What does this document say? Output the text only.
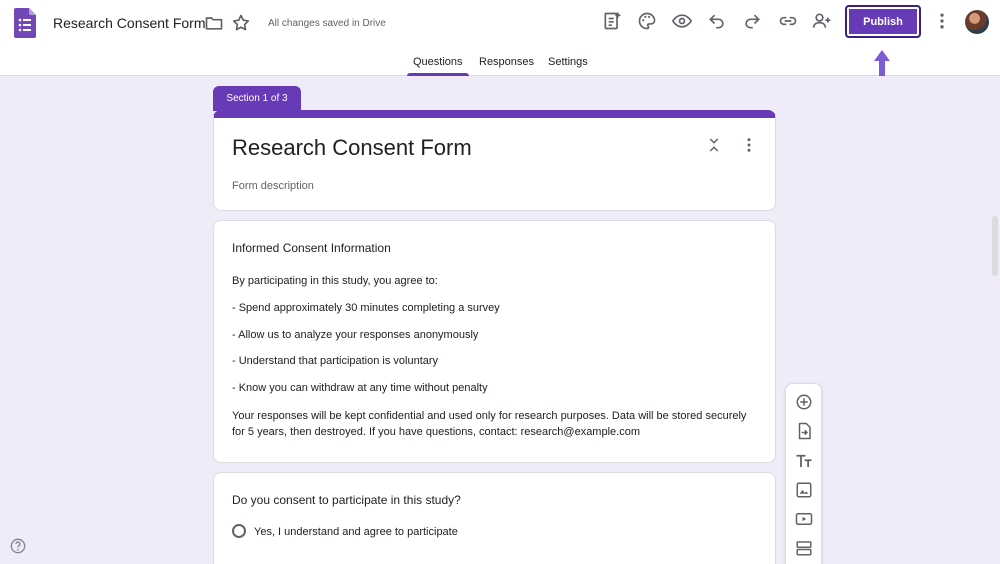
Research Consent Form	All changes saved in Drive	Publish
Questions Responses Settings
Section 1 of 3
Research Consent Form
Form description
Informed Consent Information
By participating in this study, you agree to:
- Spend approximately 30 minutes completing a survey
- Allow us to analyze your responses anonymously
- Understand that participation is voluntary
- Know you can withdraw at any time without penalty
Your responses will be kept confidential and used only for research purposes. Data will be stored securely for 5 years, then destroyed. If you have questions, contact: research@example.com
Do you consent to participate in this study?
Yes, I understand and agree to participate
